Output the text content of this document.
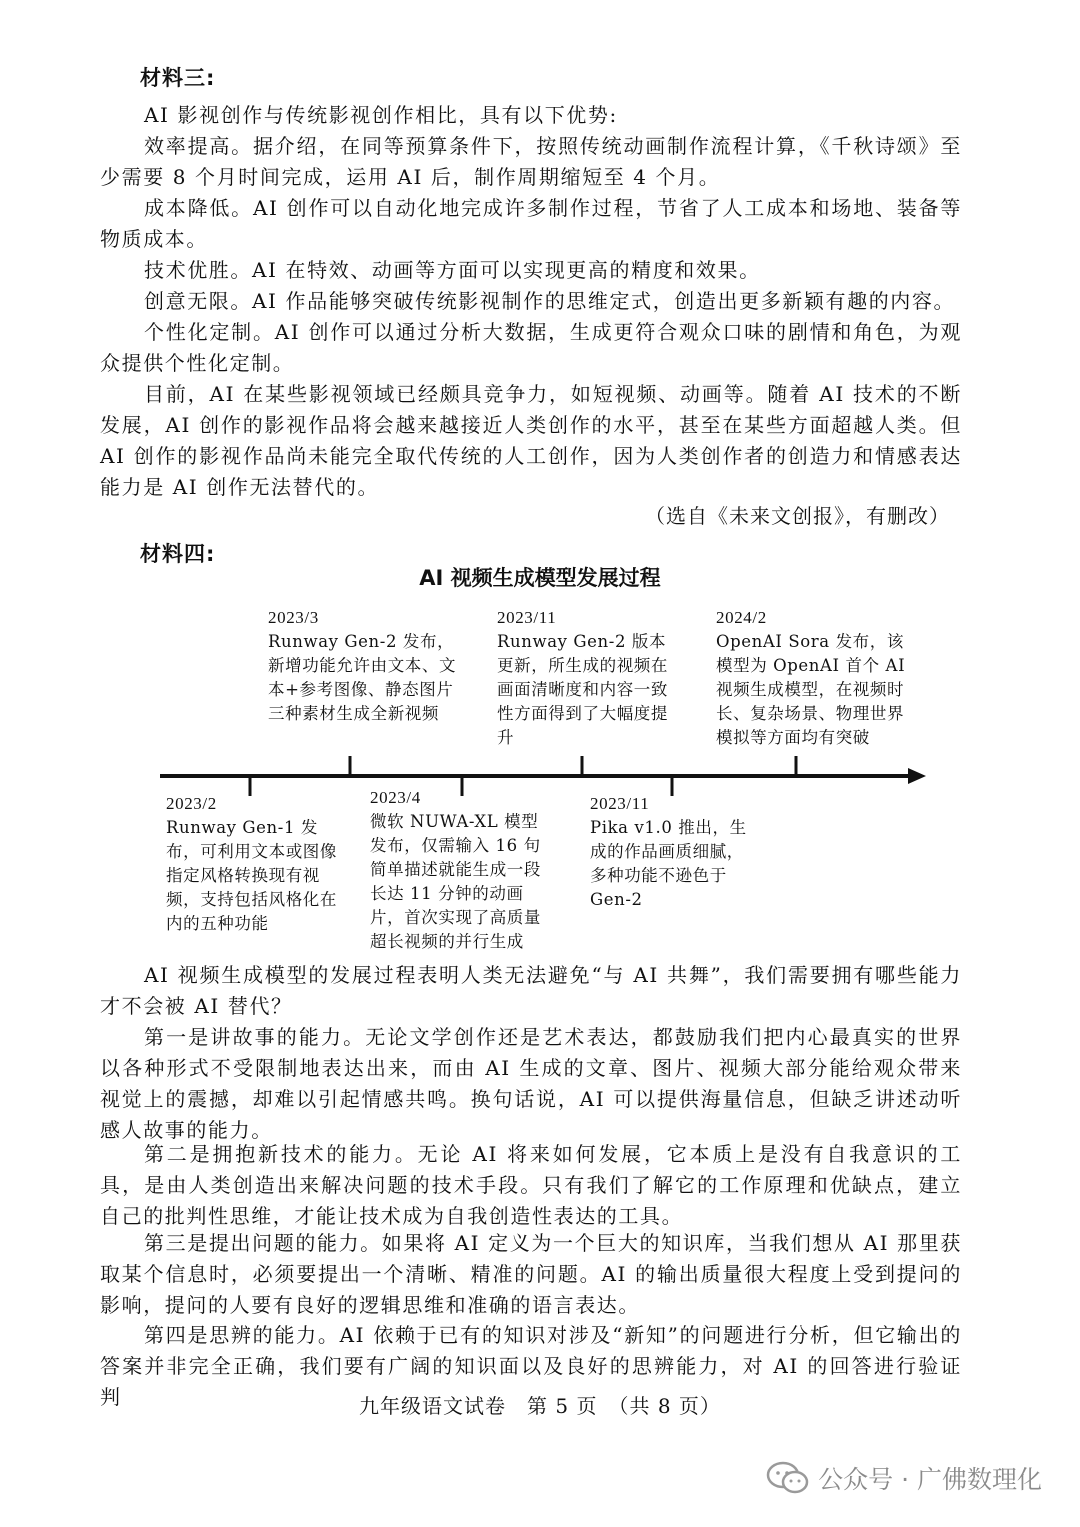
材料三:

AI 影视创作与传统影视创作相比，具有以下优势:

效率提高。据介绍，在同等预算条件下，按照传统动画制作流程计算，《千秋诗颂》至少需要 8 个月时间完成，运用 AI 后，制作周期缩短至 4 个月。

成本降低。AI 创作可以自动化地完成许多制作过程，节省了人工成本和场地、装备等物质成本。

技术优胜。AI 在特效、动画等方面可以实现更高的精度和效果。

创意无限。AI 作品能够突破传统影视制作的思维定式，创造出更多新颖有趣的内容。

个性化定制。AI 创作可以通过分析大数据，生成更符合观众口味的剧情和角色，为观众提供个性化定制。

目前，AI 在某些影视领域已经颇具竞争力，如短视频、动画等。随着 AI 技术的不断发展，AI 创作的影视作品将会越来越接近人类创作的水平，甚至在某些方面超越人类。但 AI 创作的影视作品尚未能完全取代传统的人工创作，因为人类创作者的创造力和情感表达能力是 AI 创作无法替代的。

（选自《未来文创报》，有删改）
材料四:
AI 视频生成模型发展过程
2023/3
Runway Gen-2 发布，新增功能允许由文本、文本+参考图像、静态图片三种素材生成全新视频
2023/11
Runway Gen-2 版本更新，所生成的视频在画面清晰度和内容一致性方面得到了大幅度提升
2024/2
OpenAI Sora 发布，该模型为 OpenAI 首个 AI 视频生成模型，在视频时长、复杂场景、物理世界模拟等方面均有突破
2023/2
Runway Gen-1 发布，可利用文本或图像指定风格转换现有视频，支持包括风格化在内的五种功能
2023/4
微软 NUWA-XL 模型发布，仅需输入 16 句简单描述就能生成一段长达 11 分钟的动画片，首次实现了高质量超长视频的并行生成
2023/11
Pika v1.0 推出，生成的作品画质细腻，多种功能不逊色于 Gen-2

AI 视频生成模型的发展过程表明人类无法避免“与 AI 共舞”，我们需要拥有哪些能力才不会被 AI 替代？

第一是讲故事的能力。无论文学创作还是艺术表达，都鼓励我们把内心最真实的世界以各种形式不受限制地表达出来，而由 AI 生成的文章、图片、视频大部分能给观众带来视觉上的震撼，却难以引起情感共鸣。换句话说，AI 可以提供海量信息，但缺乏讲述动听感人故事的能力。

第二是拥抱新技术的能力。无论 AI 将来如何发展，它本质上是没有自我意识的工具，是由人类创造出来解决问题的技术手段。只有我们了解它的工作原理和优缺点，建立自己的批判性思维，才能让技术成为自我创造性表达的工具。

第三是提出问题的能力。如果将 AI 定义为一个巨大的知识库，当我们想从 AI 那里获取某个信息时，必须要提出一个清晰、精准的问题。AI 的输出质量很大程度上受到提问的影响，提问的人要有良好的逻辑思维和准确的语言表达。

第四是思辨的能力。AI 依赖于已有的知识对涉及“新知”的问题进行分析，但它输出的答案并非完全正确，我们要有广阔的知识面以及良好的思辨能力，对 AI 的回答进行验证判	九年级语文试卷　第 5 页　（共 8 页）
公众号 · 广佛数理化
